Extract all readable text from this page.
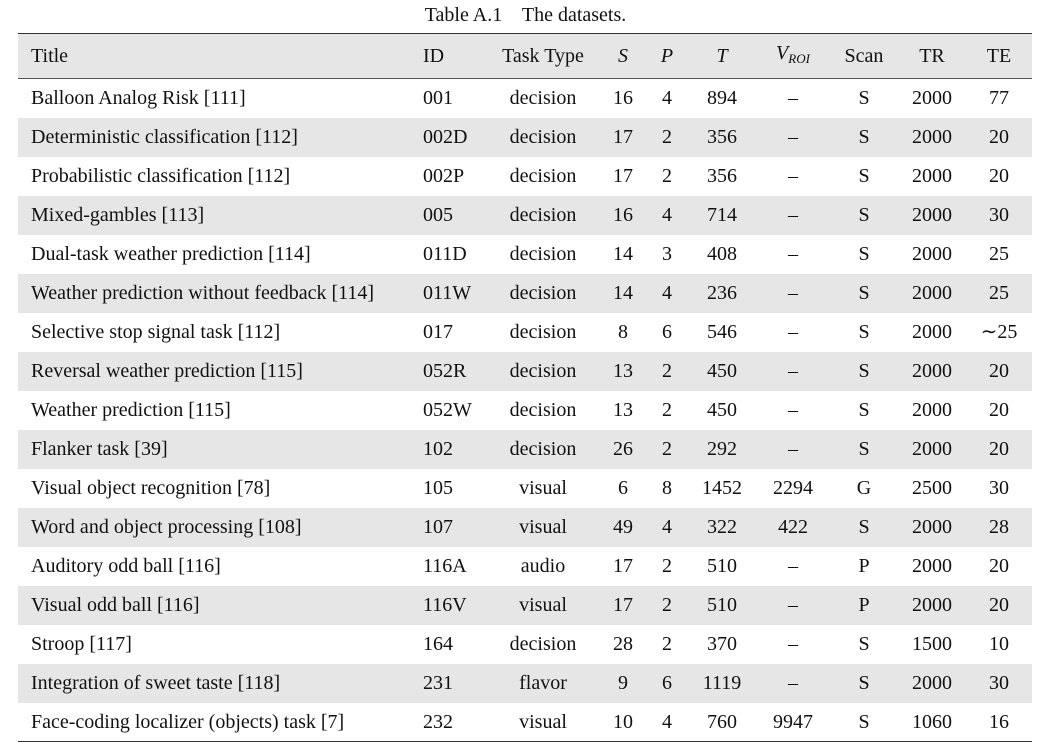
Table A.1 The datasets.
Title	ID	Task Type	S	P	T	$V_{ROI}$	Scan	TR	TE
Balloon Analog Risk [111]	001	decision	16	4	894	–	S	2000	77
Deterministic classification [112]	002D	decision	17	2	356	–	S	2000	20
Probabilistic classification [112]	002P	decision	17	2	356	–	S	2000	20
Mixed-gambles [113]	005	decision	16	4	714	–	S	2000	30
Dual-task weather prediction [114]	011D	decision	14	3	408	–	S	2000	25
Weather prediction without feedback [114]	011W	decision	14	4	236	–	S	2000	25
Selective stop signal task [112]	017	decision	8	6	546	–	S	2000	∼25
Reversal weather prediction [115]	052R	decision	13	2	450	–	S	2000	20
Weather prediction [115]	052W	decision	13	2	450	–	S	2000	20
Flanker task [39]	102	decision	26	2	292	–	S	2000	20
Visual object recognition [78]	105	visual	6	8	1452	2294	G	2500	30
Word and object processing [108]	107	visual	49	4	322	422	S	2000	28
Auditory odd ball [116]	116A	audio	17	2	510	–	P	2000	20
Visual odd ball [116]	116V	visual	17	2	510	–	P	2000	20
Stroop [117]	164	decision	28	2	370	–	S	1500	10
Integration of sweet taste [118]	231	flavor	9	6	1119	–	S	2000	30
Face-coding localizer (objects) task [7]	232	visual	10	4	760	9947	S	1060	16
